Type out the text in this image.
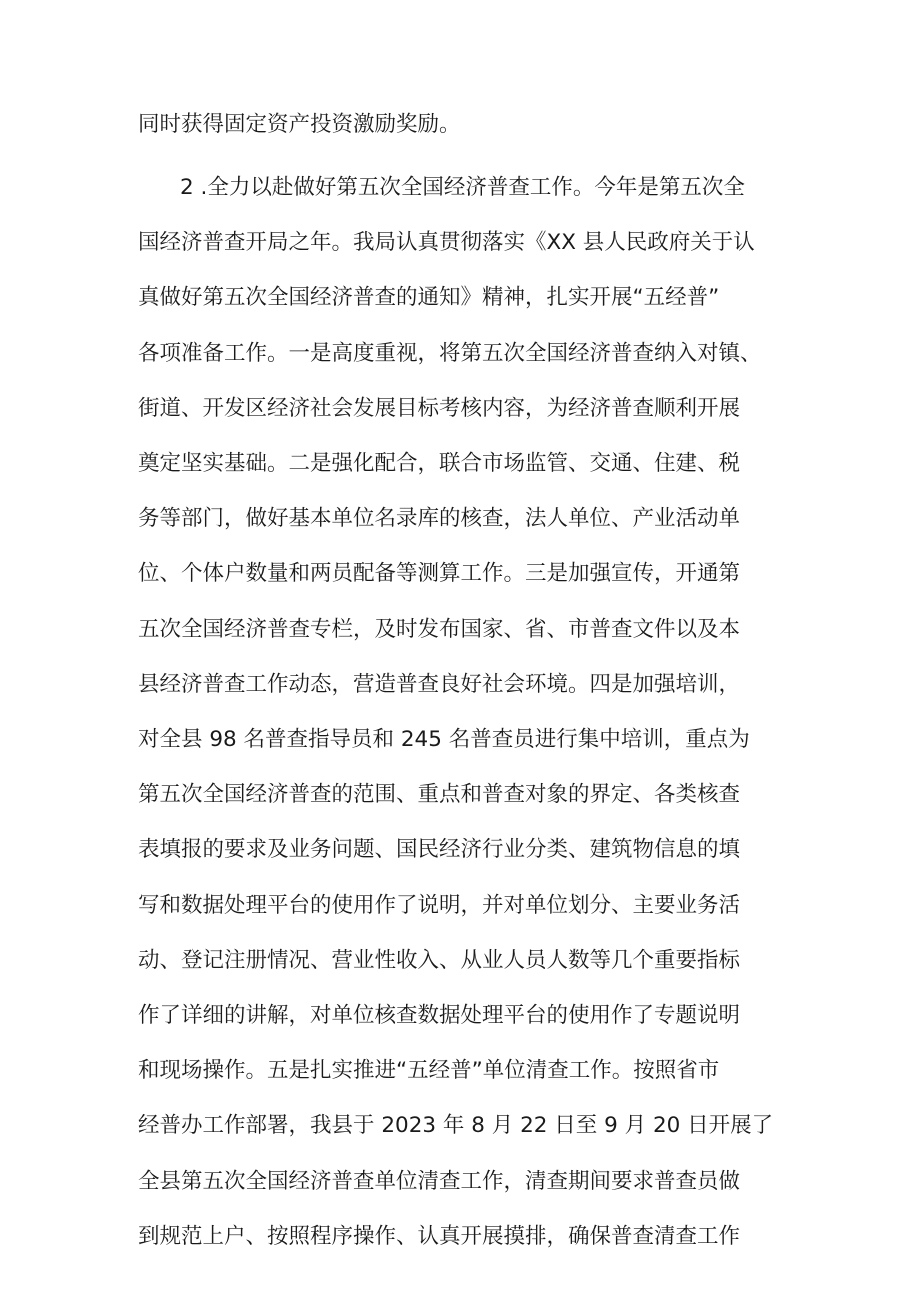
同时获得固定资产投资激励奖励。
2 .全力以赴做好第五次全国经济普查工作。今年是第五次全
国经济普查开局之年。我局认真贯彻落实《XX 县人民政府关于认
真做好第五次全国经济普查的通知》精神，扎实开展“五经普”
各项准备工作。一是高度重视，将第五次全国经济普查纳入对镇、
街道、开发区经济社会发展目标考核内容，为经济普查顺利开展
奠定坚实基础。二是强化配合，联合市场监管、交通、住建、税
务等部门，做好基本单位名录库的核查，法人单位、产业活动单
位、个体户数量和两员配备等测算工作。三是加强宣传，开通第
五次全国经济普查专栏，及时发布国家、省、市普查文件以及本
县经济普查工作动态，营造普查良好社会环境。四是加强培训，
对全县 98 名普查指导员和 245 名普查员进行集中培训，重点为
第五次全国经济普查的范围、重点和普查对象的界定、各类核查
表填报的要求及业务问题、国民经济行业分类、建筑物信息的填
写和数据处理平台的使用作了说明，并对单位划分、主要业务活
动、登记注册情况、营业性收入、从业人员人数等几个重要指标
作了详细的讲解，对单位核查数据处理平台的使用作了专题说明
和现场操作。五是扎实推进“五经普”单位清查工作。按照省市
经普办工作部署，我县于 2023 年 8 月 22 日至 9 月 20 日开展了
全县第五次全国经济普查单位清查工作，清查期间要求普查员做
到规范上户、按照程序操作、认真开展摸排，确保普查清查工作
